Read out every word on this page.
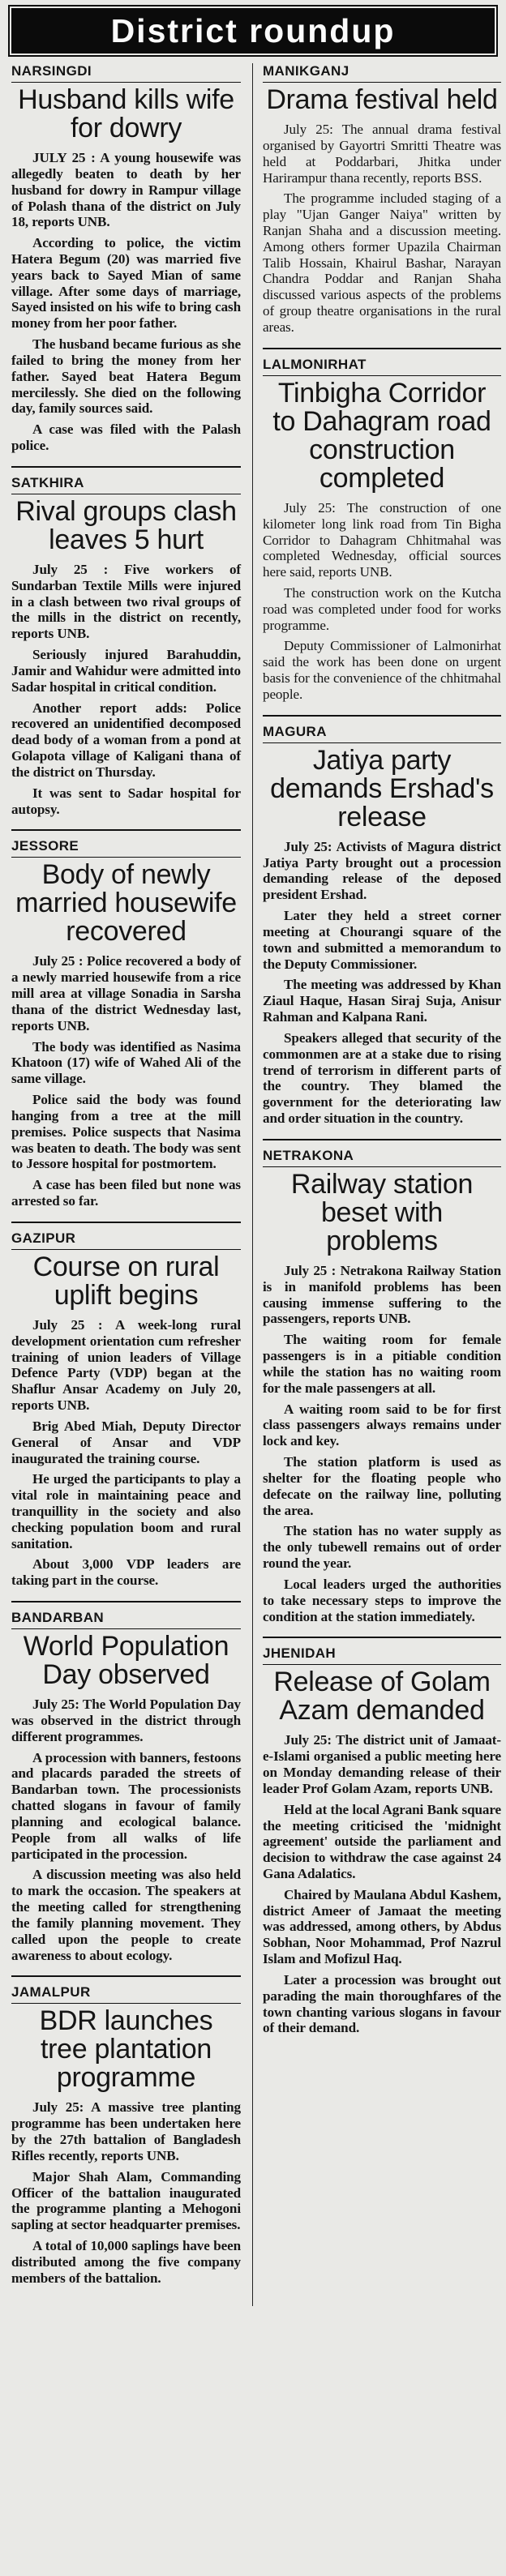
District roundup
NARSINGDI
Husband kills wife for dowry

JULY 25 : A young housewife was allegedly beaten to death by her husband for dowry in Rampur village of Polash thana of the district on July 18, reports UNB.

According to police, the victim Hatera Begum (20) was married five years back to Sayed Mian of same village. After some days of marriage, Sayed insisted on his wife to bring cash money from her poor father.

The husband became furious as she failed to bring the money from her father. Sayed beat Hatera Begum mercilessly. She died on the following day, family sources said.

A case was filed with the Palash police.

SATKHIRA
Rival groups clash leaves 5 hurt

July 25 : Five workers of Sundarban Textile Mills were injured in a clash between two rival groups of the mills in the district on recently, reports UNB.

Seriously injured Barahuddin, Jamir and Wahidur were admitted into Sadar hospital in critical condition.

Another report adds: Police recovered an unidentified decomposed dead body of a woman from a pond at Golapota village of Kaligani thana of the district on Thursday.

It was sent to Sadar hospital for autopsy.

JESSORE
Body of newly married housewife recovered

July 25 : Police recovered a body of a newly married housewife from a rice mill area at village Sonadia in Sarsha thana of the district Wednesday last, reports UNB.

The body was identified as Nasima Khatoon (17) wife of Wahed Ali of the same village.

Police said the body was found hanging from a tree at the mill premises. Police suspects that Nasima was beaten to death. The body was sent to Jessore hospital for postmortem.

A case has been filed but none was arrested so far.

GAZIPUR
Course on rural uplift begins

July 25 : A week-long rural development orientation cum refresher training of union leaders of Village Defence Party (VDP) began at the Shaflur Ansar Academy on July 20, reports UNB.

Brig Abed Miah, Deputy Director General of Ansar and VDP inaugurated the training course.

He urged the participants to play a vital role in maintaining peace and tranquillity in the society and also checking population boom and rural sanitation.

About 3,000 VDP leaders are taking part in the course.

BANDARBAN
World Population Day observed

July 25: The World Population Day was observed in the district through different programmes.

A procession with banners, festoons and placards paraded the streets of Bandarban town. The processionists chatted slogans in favour of family planning and ecological balance. People from all walks of life participated in the procession.

A discussion meeting was also held to mark the occasion. The speakers at the meeting called for strengthening the family planning movement. They called upon the people to create awareness to about ecology.

JAMALPUR
BDR launches tree plantation programme

July 25: A massive tree planting programme has been undertaken here by the 27th battalion of Bangladesh Rifles recently, reports UNB.

Major Shah Alam, Commanding Officer of the battalion inaugurated the programme planting a Mehogoni sapling at sector headquarter premises.

A total of 10,000 saplings have been distributed among the five company members of the battalion.

MANIKGANJ
Drama festival held

July 25: The annual drama festival organised by Gayortri Smritti Theatre was held at Poddarbari, Jhitka under Harirampur thana recently, reports BSS.

The programme included staging of a play "Ujan Ganger Naiya" written by Ranjan Shaha and a discussion meeting. Among others former Upazila Chairman Talib Hossain, Khairul Bashar, Narayan Chandra Poddar and Ranjan Shaha discussed various aspects of the problems of group theatre organisations in the rural areas.

LALMONIRHAT
Tinbigha Corridor to Dahagram road construction completed

July 25: The construction of one kilometer long link road from Tin Bigha Corridor to Dahagram Chhitmahal was completed Wednesday, official sources here said, reports UNB.

The construction work on the Kutcha road was completed under food for works programme.

Deputy Commissioner of Lalmonirhat said the work has been done on urgent basis for the convenience of the chhitmahal people.

MAGURA
Jatiya party demands Ershad's release

July 25: Activists of Magura district Jatiya Party brought out a procession demanding release of the deposed president Ershad.

Later they held a street corner meeting at Chourangi square of the town and submitted a memorandum to the Deputy Commissioner.

The meeting was addressed by Khan Ziaul Haque, Hasan Siraj Suja, Anisur Rahman and Kalpana Rani.

Speakers alleged that security of the commonmen are at a stake due to rising trend of terrorism in different parts of the country. They blamed the government for the deteriorating law and order situation in the country.

NETRAKONA
Railway station beset with problems

July 25 : Netrakona Railway Station is in manifold problems has been causing immense suffering to the passengers, reports UNB.

The waiting room for female passengers is in a pitiable condition while the station has no waiting room for the male passengers at all.

A waiting room said to be for first class passengers always remains under lock and key.

The station platform is used as shelter for the floating people who defecate on the railway line, polluting the area.

The station has no water supply as the only tubewell remains out of order round the year.

Local leaders urged the authorities to take necessary steps to improve the condition at the station immediately.

JHENIDAH
Release of Golam Azam demanded

July 25: The district unit of Jamaat-e-Islami organised a public meeting here on Monday demanding release of their leader Prof Golam Azam, reports UNB.

Held at the local Agrani Bank square the meeting criticised the 'midnight agreement' outside the parliament and decision to withdraw the case against 24 Gana Adalatics.

Chaired by Maulana Abdul Kashem, district Ameer of Jamaat the meeting was addressed, among others, by Abdus Sobhan, Noor Mohammad, Prof Nazrul Islam and Mofizul Haq.

Later a procession was brought out parading the main thoroughfares of the town chanting various slogans in favour of their demand.
